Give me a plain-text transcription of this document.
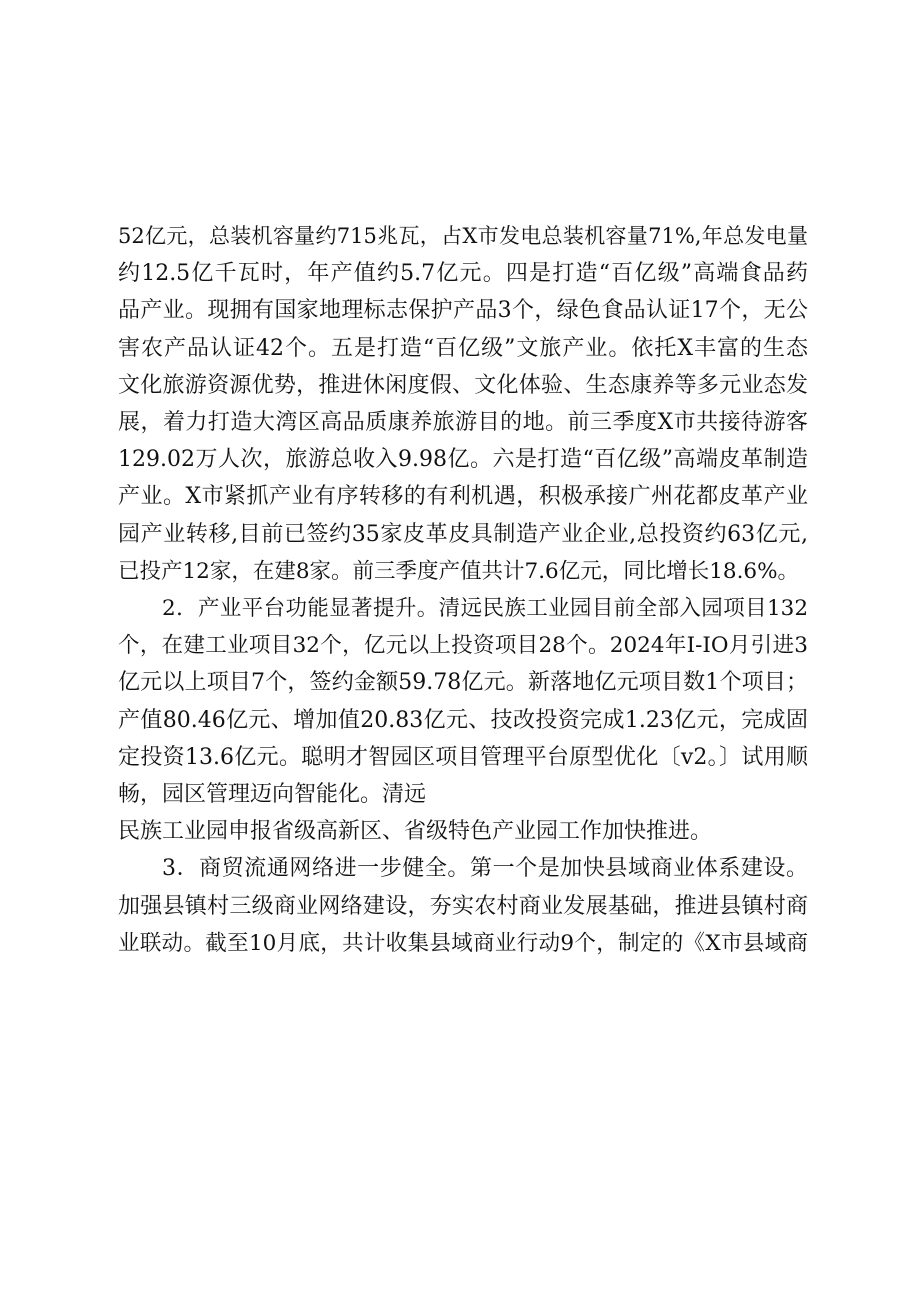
52亿元，总装机容量约715兆瓦，占X市发电总装机容量71%,年总发电量
约12.5亿千瓦时，年产值约5.7亿元。四是打造“百亿级”高端食品药
品产业。现拥有国家地理标志保护产品3个，绿色食品认证17个，无公
害农产品认证42个。五是打造“百亿级”文旅产业。依托X丰富的生态
文化旅游资源优势，推进休闲度假、文化体验、生态康养等多元业态发
展，着力打造大湾区高品质康养旅游目的地。前三季度X市共接待游客
129.02万人次，旅游总收入9.98亿。六是打造“百亿级”高端皮革制造
产业。X市紧抓产业有序转移的有利机遇，积极承接广州花都皮革产业
园产业转移,目前已签约35家皮革皮具制造产业企业,总投资约63亿元,
已投产12家，在建8家。前三季度产值共计7.6亿元，同比增长18.6%。
2．产业平台功能显著提升。清远民族工业园目前全部入园项目132
个，在建工业项目32个，亿元以上投资项目28个。2024年I-IO月引进3
亿元以上项目7个，签约金额59.78亿元。新落地亿元项目数1个项目；
产值80.46亿元、增加值20.83亿元、技改投资完成1.23亿元，完成固
定投资13.6亿元。聪明才智园区项目管理平台原型优化〔v2。〕试用顺
畅，园区管理迈向智能化。清远
民族工业园申报省级高新区、省级特色产业园工作加快推进。
3．商贸流通网络进一步健全。第一个是加快县域商业体系建设。
加强县镇村三级商业网络建设，夯实农村商业发展基础，推进县镇村商
业联动。截至10月底，共计收集县域商业行动9个，制定的《X市县域商
